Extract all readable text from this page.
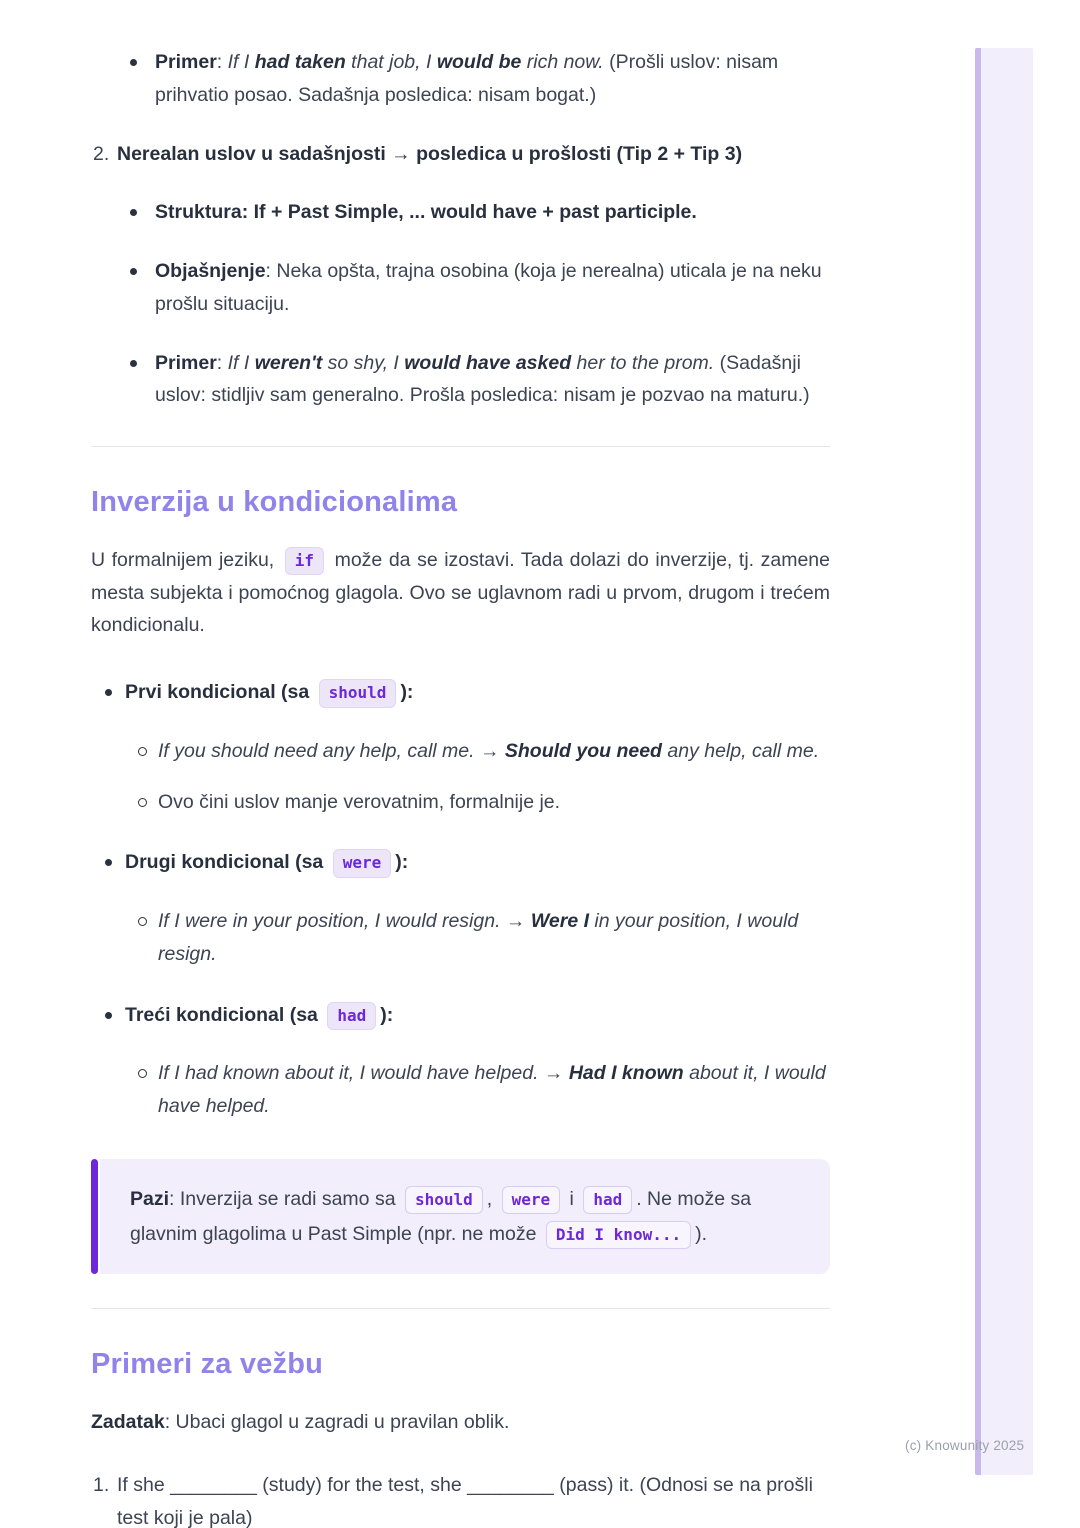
Primer: If I had taken that job, I would be rich now. (Prošli uslov: nisam prihvatio posao. Sadašnja posledica: nisam bogat.)
2. Nerealan uslov u sadašnjosti → posledica u prošlosti (Tip 2 + Tip 3)
Struktura: If + Past Simple, ... would have + past participle.
Objašnjenje: Neka opšta, trajna osobina (koja je nerealna) uticala je na neku prošlu situaciju.
Primer: If I weren't so shy, I would have asked her to the prom. (Sadašnji uslov: stidljiv sam generalno. Prošla posledica: nisam je pozvao na maturu.)
Inverzija u kondicionalima

U formalnijem jeziku, if može da se izostavi. Tada dolazi do inverzije, tj. zamene mesta subjekta i pomoćnog glagola. Ovo se uglavnom radi u prvom, drugom i trećem kondicionalu.

Prvi kondicional (sa should ):
If you should need any help, call me. → Should you need any help, call me.
Ovo čini uslov manje verovatnim, formalnije je.
Drugi kondicional (sa were ):
If I were in your position, I would resign. → Were I in your position, I would resign.
Treći kondicional (sa had ):
If I had known about it, I would have helped. → Had I known about it, I would have helped.
Pazi: Inverzija se radi samo sa should , were i had . Ne može sa glavnim glagolima u Past Simple (npr. ne može Did I know... ).
Primeri za vežbu

Zadatak: Ubaci glagol u zagradi u pravilan oblik.

1. If she ________ (study) for the test, she ________ (pass) it. (Odnosi se na prošli test koji je pala)
(c) Knowunity 2025
